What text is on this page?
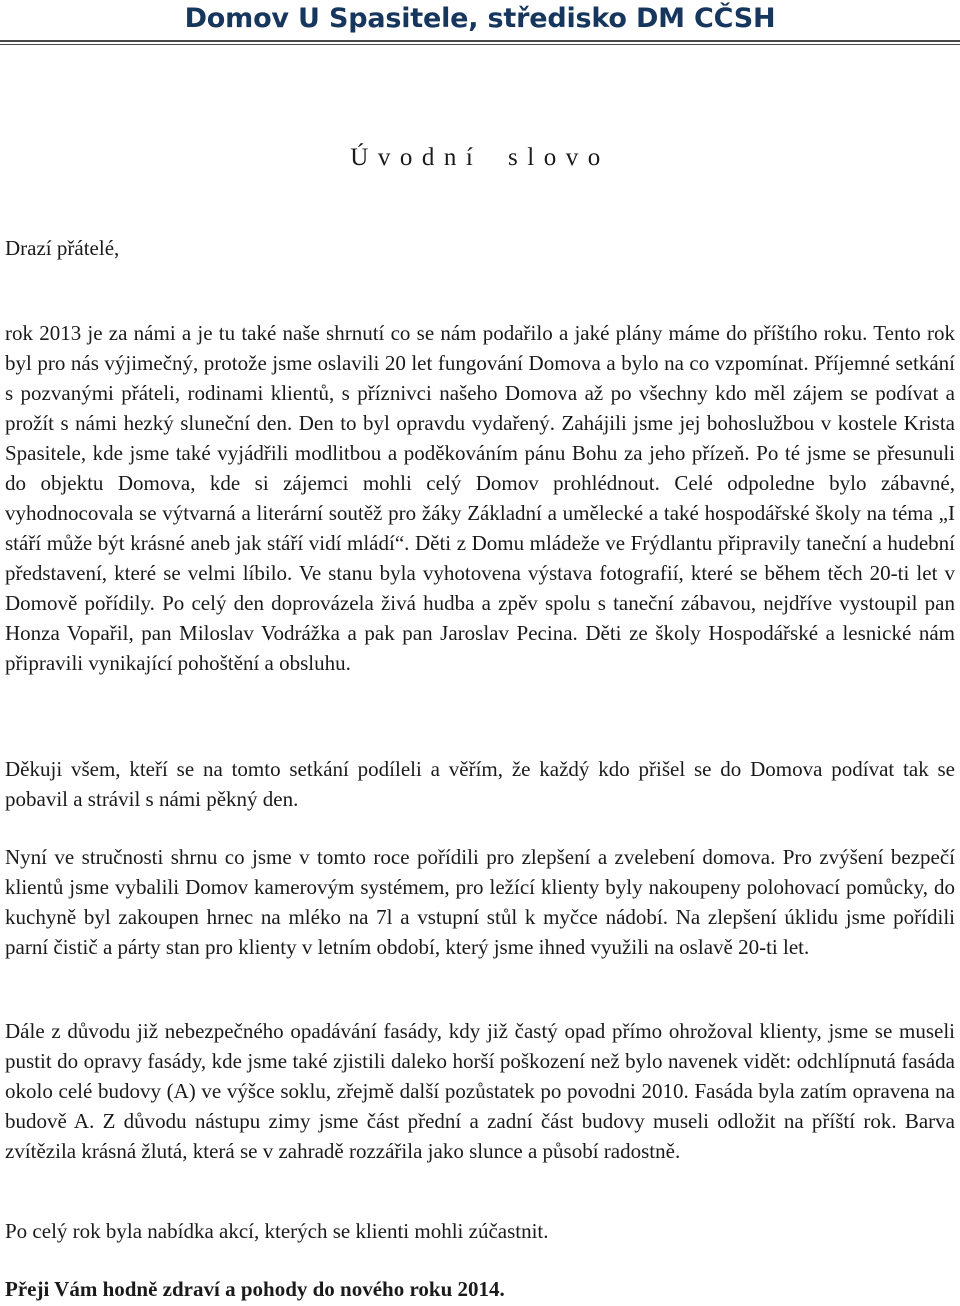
Domov U Spasitele, středisko DM CČSH
Úvodní slovo
Drazí přátelé,

rok 2013 je za námi a je tu také naše shrnutí co se nám podařilo a jaké plány máme do příštího roku. Tento rok byl pro nás výjimečný, protože jsme oslavili 20 let fungování Domova a bylo na co vzpomínat. Příjemné setkání s pozvanými přáteli, rodinami klientů, s příznivci našeho Domova až po všechny kdo měl zájem se podívat a prožít s námi hezký sluneční den. Den to byl opravdu vydařený. Zahájili jsme jej bohoslužbou v kostele Krista Spasitele, kde jsme také vyjádřili modlitbou a poděkováním pánu Bohu za jeho přízeň. Po té jsme se přesunuli do objektu Domova, kde si zájemci mohli celý Domov prohlédnout. Celé odpoledne bylo zábavné, vyhodnocovala se výtvarná a literární soutěž pro žáky Základní a umělecké a také hospodářské školy na téma „I stáří může být krásné aneb jak stáří vidí mládí“. Děti z Domu mládeže ve Frýdlantu připravily taneční a hudební představení, které se velmi líbilo. Ve stanu byla vyhotovena výstava fotografií, které se během těch 20-ti let v Domově pořídily. Po celý den doprovázela živá hudba a zpěv spolu s taneční zábavou, nejdříve vystoupil pan Honza Vopařil, pan Miloslav Vodrážka a pak pan Jaroslav Pecina. Děti ze školy Hospodářské a lesnické nám připravili vynikající pohoštění a obsluhu.

Děkuji všem, kteří se na tomto setkání podíleli a věřím, že každý kdo přišel se do Domova podívat tak se pobavil a strávil s námi pěkný den.

Nyní ve stručnosti shrnu co jsme v tomto roce pořídili pro zlepšení a zvelebení domova. Pro zvýšení bezpečí klientů jsme vybalili Domov kamerovým systémem, pro ležící klienty byly nakoupeny polohovací pomůcky, do kuchyně byl zakoupen hrnec na mléko na 7l a vstupní stůl k myčce nádobí. Na zlepšení úklidu jsme pořídili parní čistič a párty stan pro klienty v letním období, který jsme ihned využili na oslavě 20-ti let.

Dále z důvodu již nebezpečného opadávání fasády, kdy již častý opad přímo ohrožoval klienty, jsme se museli pustit do opravy fasády, kde jsme také zjistili daleko horší poškození než bylo navenek vidět: odchlípnutá fasáda okolo celé budovy (A) ve výšce soklu, zřejmě další pozůstatek po povodni 2010. Fasáda byla zatím opravena na budově A. Z důvodu nástupu zimy jsme část přední a zadní část budovy museli odložit na příští rok. Barva zvítězila krásná žlutá, která se v zahradě rozzářila jako slunce a působí radostně.

Po celý rok byla nabídka akcí, kterých se klienti mohli zúčastnit.

Přeji Vám hodně zdraví a pohody do nového roku 2014.
